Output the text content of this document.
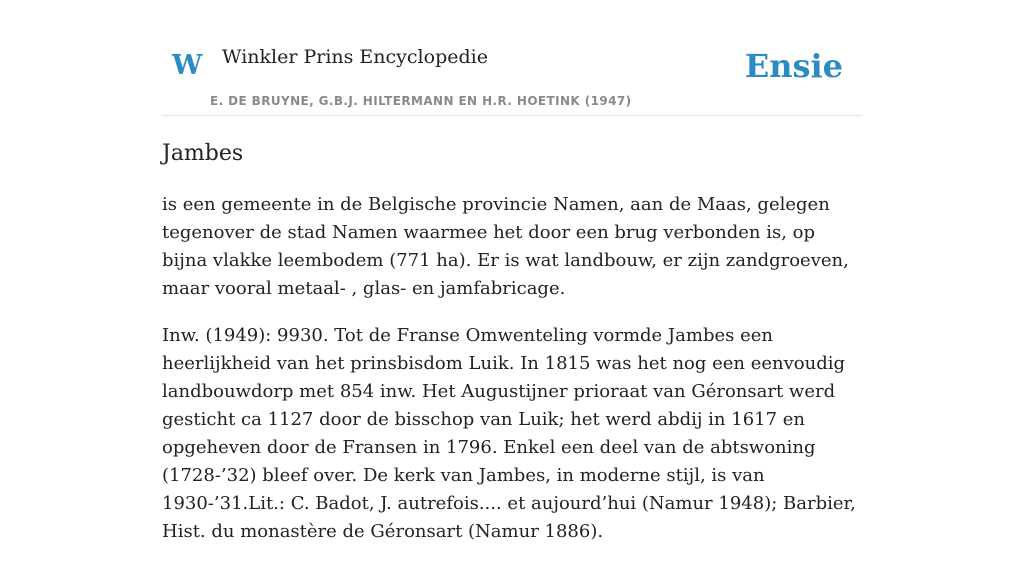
W Winkler Prins Encyclopedie
E. DE BRUYNE, G.B.J. HILTERMANN EN H.R. HOETINK (1947)
Ensie
Jambes

is een gemeente in de Belgische provincie Namen, aan de Maas, gelegen tegenover de stad Namen waarmee het door een brug verbonden is, op bijna vlakke leembodem (771 ha). Er is wat landbouw, er zijn zandgroeven, maar vooral metaal- , glas- en jamfabricage.

Inw. (1949): 9930. Tot de Franse Omwenteling vormde Jambes een heerlijkheid van het prinsbisdom Luik. In 1815 was het nog een eenvoudig landbouwdorp met 854 inw. Het Augustijner prioraat van Géronsart werd gesticht ca 1127 door de bisschop van Luik; het werd abdij in 1617 en opgeheven door de Fransen in 1796. Enkel een deel van de abtswoning (1728-’32) bleef over. De kerk van Jambes, in moderne stijl, is van 1930-’31.Lit.: C. Badot, J. autrefois.... et aujourd’hui (Namur 1948); Barbier, Hist. du monastère de Géronsart (Namur 1886).
